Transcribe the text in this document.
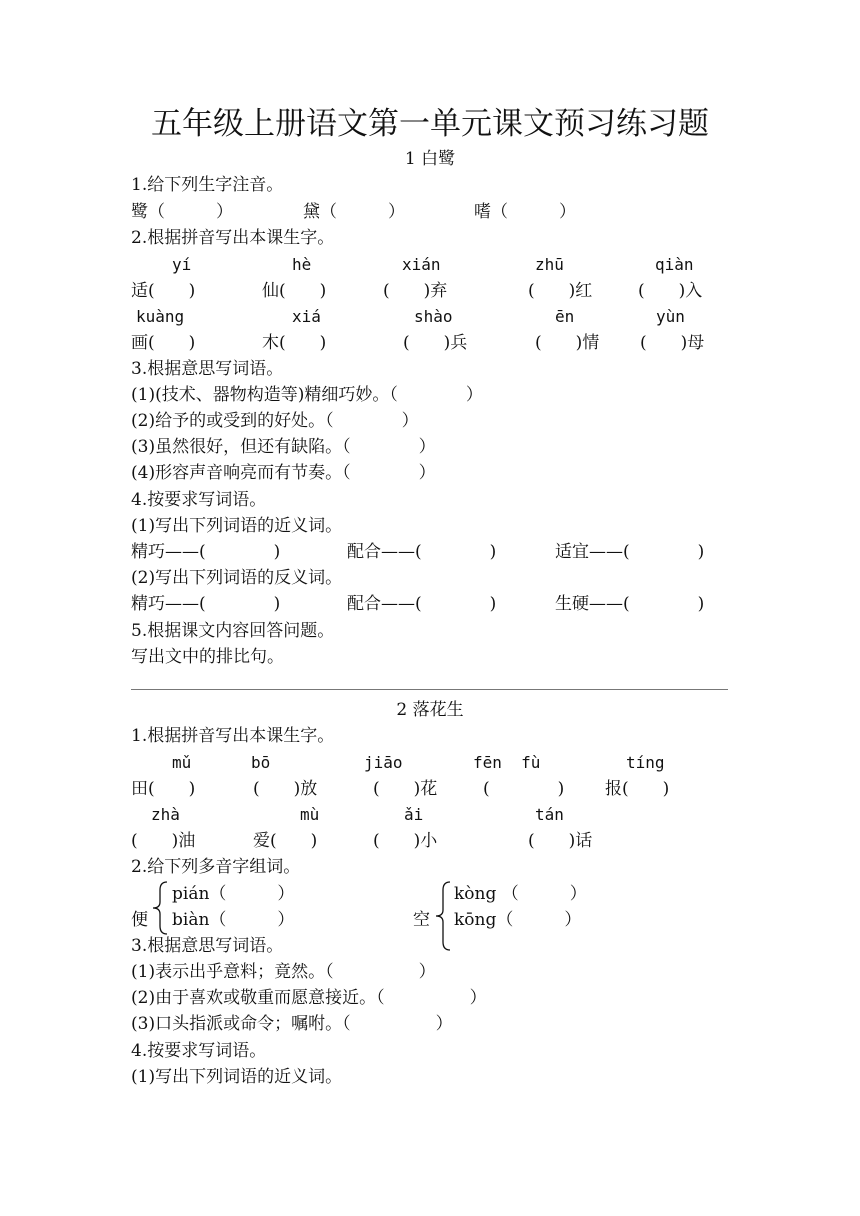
五年级上册语文第一单元课文预习练习题
1 白鹭
1.给下列生字注音。
鹭（　　　）	黛（　　　）	嗜（　　　）
2.根据拼音写出本课生字。
yí	hè	xián	zhū	qiàn
适(　　)	仙(　　)	(　　)弃	(　　)红	(　　)入
kuàng	xiá	shào	ēn	yùn
画(　　)	木(　　)	(　　)兵	(　　)情 (　　)母
3.根据意思写词语。
(1)(技术、器物构造等)精细巧妙。（　　　　）
(2)给予的或受到的好处。（　　　　）
(3)虽然很好，但还有缺陷。（　　　　）
(4)形容声音响亮而有节奏。（　　　　）
4.按要求写词语。
(1)写出下列词语的近义词。
精巧——(　　　　)	配合——(　　　　)	适宜——(　　　　)
(2)写出下列词语的反义词。
精巧——(　　　　)	配合——(　　　　)	生硬——(　　　　)
5.根据课文内容回答问题。
写出文中的排比句。
2 落花生
1.根据拼音写出本课生字。
mǔ	bō	jiāo	fēn  fù	tíng
田(　　)	(　　)放	(　　)花	(　　　　) 报(　　)
zhà	mù	ǎi	tán
(　　)油	爱(　　)	(　　)小	(　　)话
2.给下列多音字组词。
pián（　　　）
便 biàn（　　　）
kòng （　　　）
空 kōng（　　　）
3.根据意思写词语。
(1)表示出乎意料；竟然。（　　　　　）
(2)由于喜欢或敬重而愿意接近。（　　　　　）
(3)口头指派或命令；嘱咐。（　　　　　）
4.按要求写词语。
(1)写出下列词语的近义词。
